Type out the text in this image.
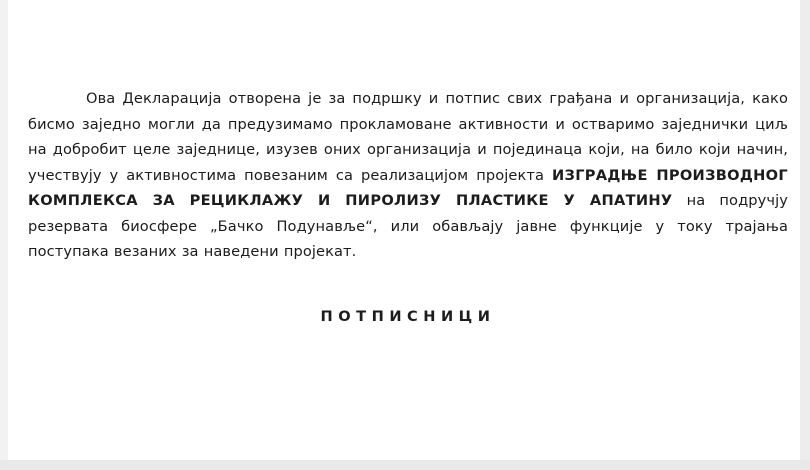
Ова Декларација отворена је за подршку и потпис свих грађана и организација, како бисмо заједно могли да предузимамо прокламоване активности и остваримо заједнички циљ на добробит целе заједнице, изузев оних организација и појединаца који, на било који начин, учествују у активностима повезаним са реализацијом пројекта ИЗГРАДЊЕ ПРОИЗВОДНОГ КОМПЛЕКСА ЗА РЕЦИКЛАЖУ И ПИРОЛИЗУ ПЛАСТИКЕ У АПАТИНУ на подручју резервата биосфере „Бачко Подунавље“, или обављају јавне функције у току трајања поступака везаних за наведени пројекат.

ПОТПИСНИЦИ
